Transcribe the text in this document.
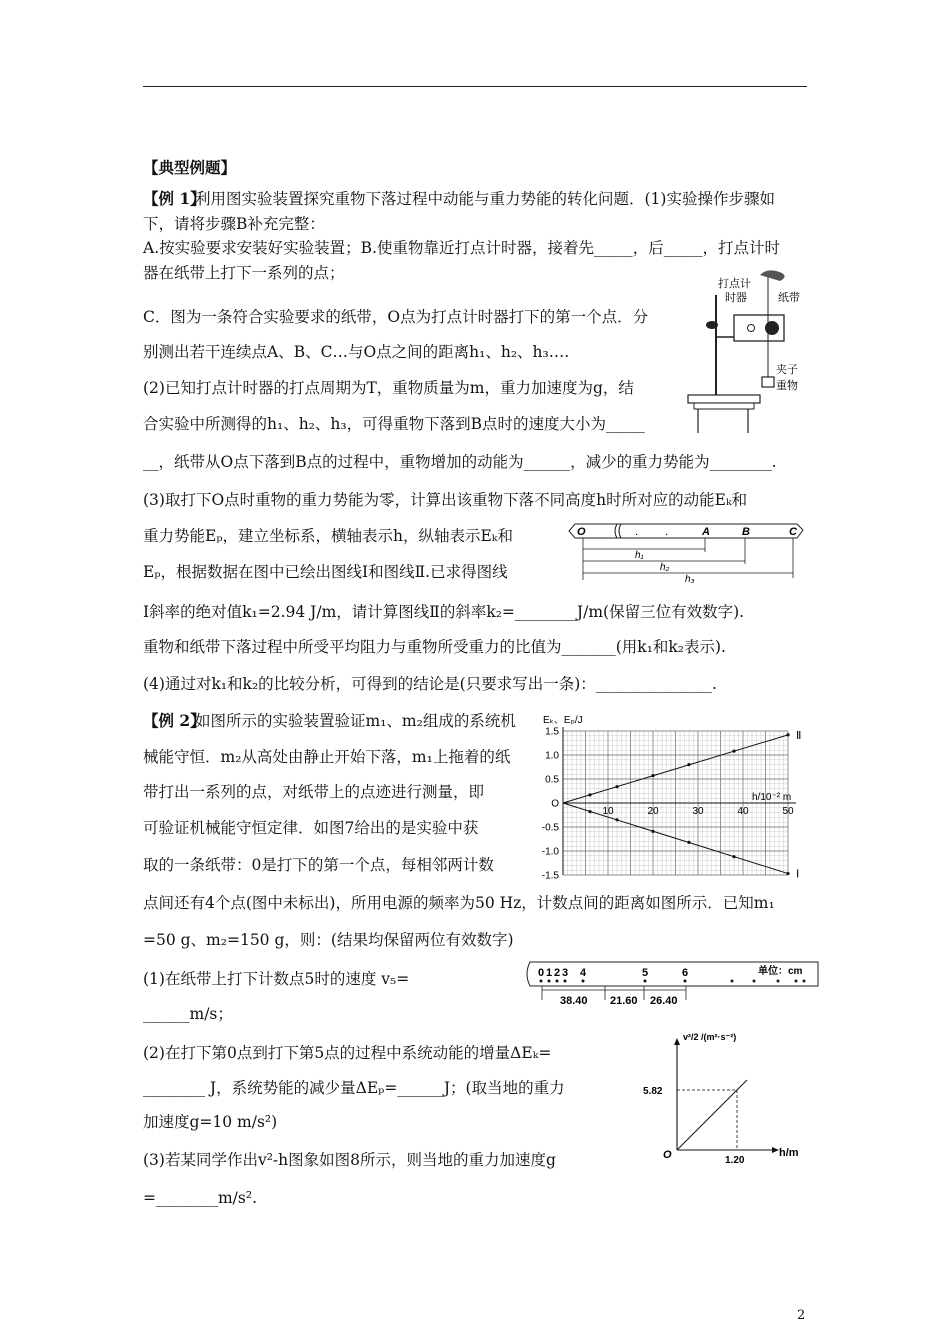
【典型例题】
【例 1】
利用图实验装置探究重物下落过程中动能与重力势能的转化问题．(1)实验操作步骤如
下，请将步骤B补充完整：
A.按实验要求安装好实验装置；B.使重物靠近打点计时器，接着先_____，后_____，打点计时
器在纸带上打下一系列的点；
C．图为一条符合实验要求的纸带，O点为打点计时器打下的第一个点．分
别测出若干连续点A、B、C…与O点之间的距离h₁、h₂、h₃….
(2)已知打点计时器的打点周期为T，重物质量为m，重力加速度为g，结
合实验中所测得的h₁、h₂、h₃，可得重物下落到B点时的速度大小为_____
__，纸带从O点下落到B点的过程中，重物增加的动能为______，减少的重力势能为________.
(3)取打下O点时重物的重力势能为零，计算出该重物下落不同高度h时所对应的动能Eₖ和
重力势能Eₚ，建立坐标系，横轴表示h，纵轴表示Eₖ和
Eₚ，根据数据在图中已绘出图线Ⅰ和图线Ⅱ.已求得图线
Ⅰ斜率的绝对值k₁=2.94 J/m，请计算图线Ⅱ的斜率k₂=________J/m(保留三位有效数字).
重物和纸带下落过程中所受平均阻力与重物所受重力的比值为_______(用k₁和k₂表示).
(4)通过对k₁和k₂的比较分析，可得到的结论是(只要求写出一条)：_______________.
打点计
时器	纸带
夹子
重物
O	. .	A	B	C
h₁
h₂
h₃
【例 2】
如图所示的实验装置验证m₁、m₂组成的系统机
械能守恒．m₂从高处由静止开始下落，m₁上拖着的纸
带打出一系列的点，对纸带上的点迹进行测量，即
可验证机械能守恒定律．如图7给出的是实验中获
取的一条纸带：0是打下的第一个点，每相邻两计数
点间还有4个点(图中未标出)，所用电源的频率为50 Hz，计数点间的距离如图所示．已知m₁
=50 g、m₂=150 g，则：(结果均保留两位有效数字)
(1)在纸带上打下计数点5时的速度 v₅=
______m/s；
(2)在打下第0点到打下第5点的过程中系统动能的增量ΔEₖ=
________ J，系统势能的减少量ΔEₚ=______J；(取当地的重力
加速度g=10 m/s²)
(3)若某同学作出v²-h图象如图8所示，则当地的重力加速度g
=________m/s².
Eₖ、Eₚ/J
h/10⁻² m
1.5
1.0
0.5
O
-0.5
-1.0
-1.5
10	20	30	40	50
Ⅱ
Ⅰ
0 1 2 3 4	5	6	单位：cm
38.40 21.60 26.40
v²/2 /(m²·s⁻²)
h/m
O
5.82
1.20
2
